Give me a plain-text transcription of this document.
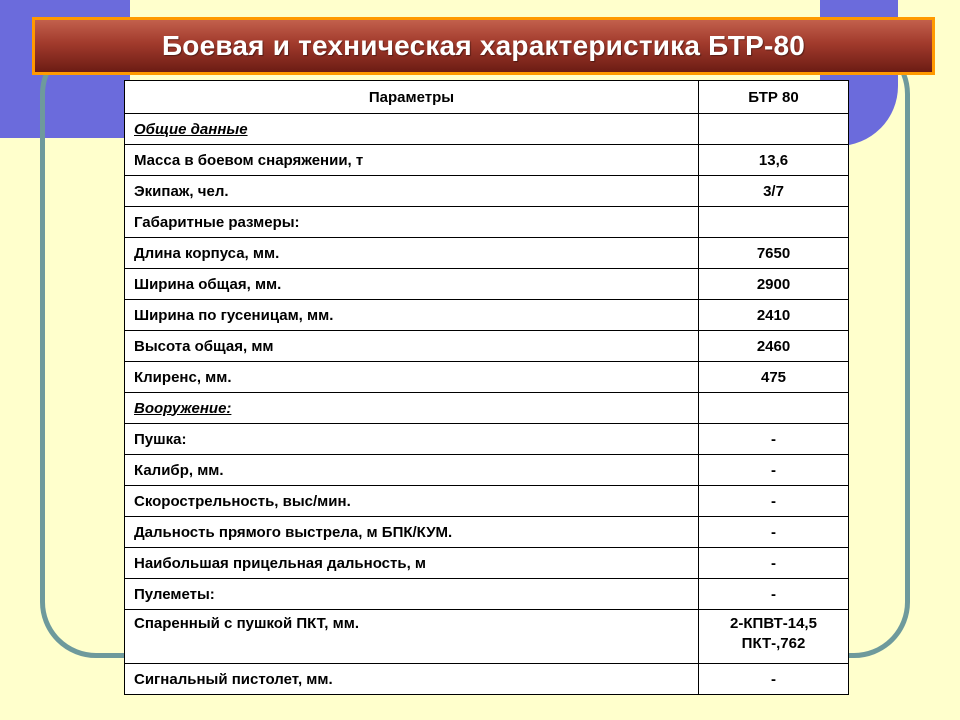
Боевая и техническая характеристика БТР-80
Параметры	БТР 80
Общие данные	
Масса в боевом снаряжении, т	13,6
Экипаж, чел.	3/7
Габаритные размеры:	
Длина корпуса, мм.	7650
Ширина общая, мм.	2900
Ширина по гусеницам, мм.	2410
Высота общая, мм	2460
Клиренс, мм.	475
Вооружение:	
Пушка:	-
Калибр, мм.	-
Скорострельность, выс/мин.	-
Дальность прямого выстрела, м БПК/КУМ.	-
Наибольшая прицельная дальность, м	-
Пулеметы:	-
Спаренный с пушкой ПКТ, мм.	2-КПВТ-14,5
ПКТ-,762
Сигнальный пистолет, мм.	-
